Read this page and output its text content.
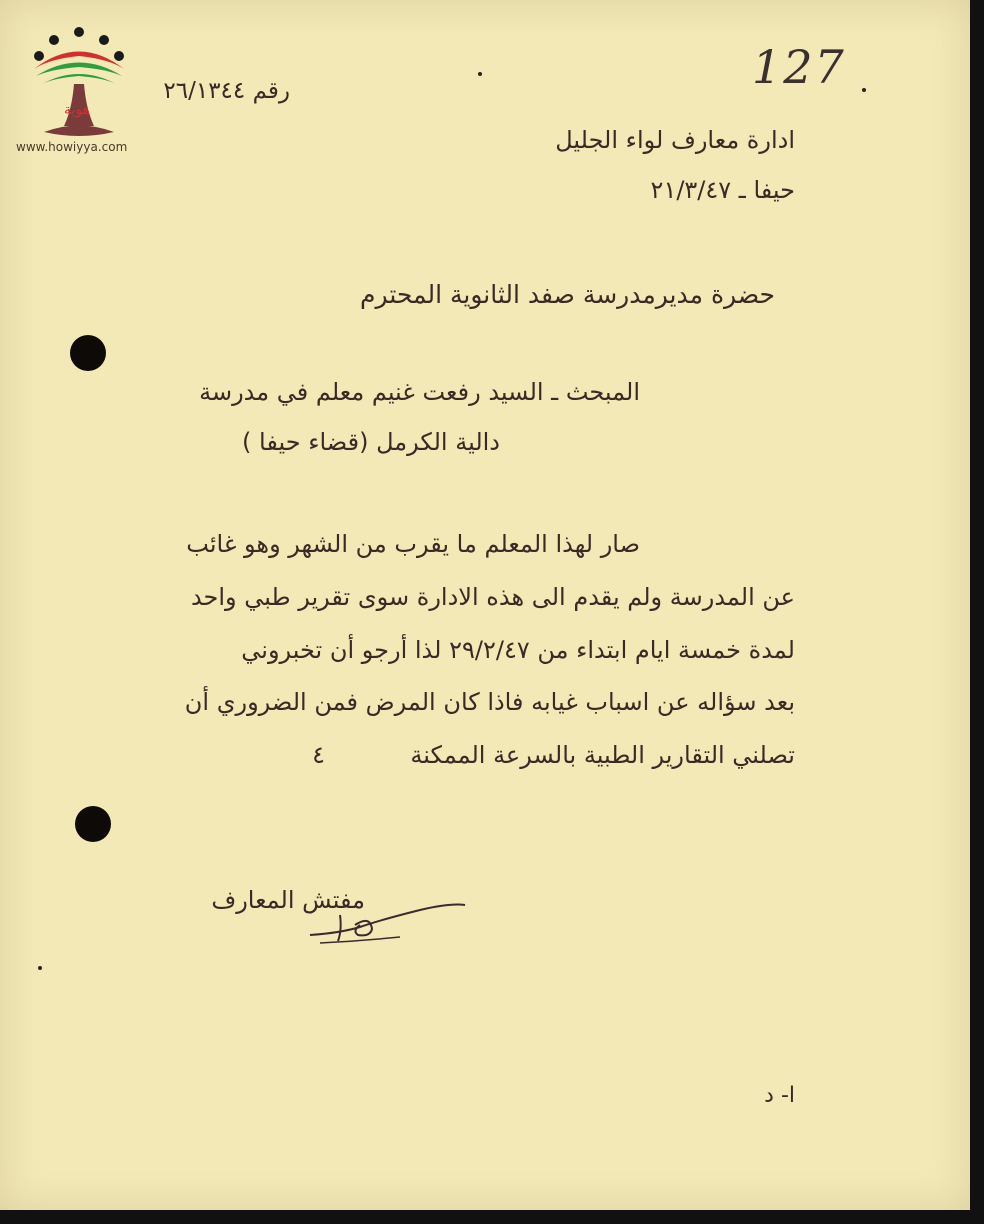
هوية
www.howiyya.com
رقم ٢٦/١٣٤٤	127
ادارة معارف لواء الجليل
حيفا ـ ٢١/٣/٤٧
حضرة مديرمدرسة صفد الثانوية المحترم
المبحث ـ السيد رفعت غنيم معلم في مدرسة
دالية الكرمل (قضاء حيفا )
صار لهذا المعلم ما يقرب من الشهر وهو غائب
عن المدرسة ولم يقدم الى هذه الادارة سوى تقرير طبي واحد
لمدة خمسة ايام ابتداء من ٢٩/٢/٤٧ لذا أرجو أن تخبروني
بعد سؤاله عن اسباب غيابه فاذا كان المرض فمن الضروري أن
تصلني التقارير الطبية بالسرعة الممكنة
٤
مفتش المعارف
ا- د
